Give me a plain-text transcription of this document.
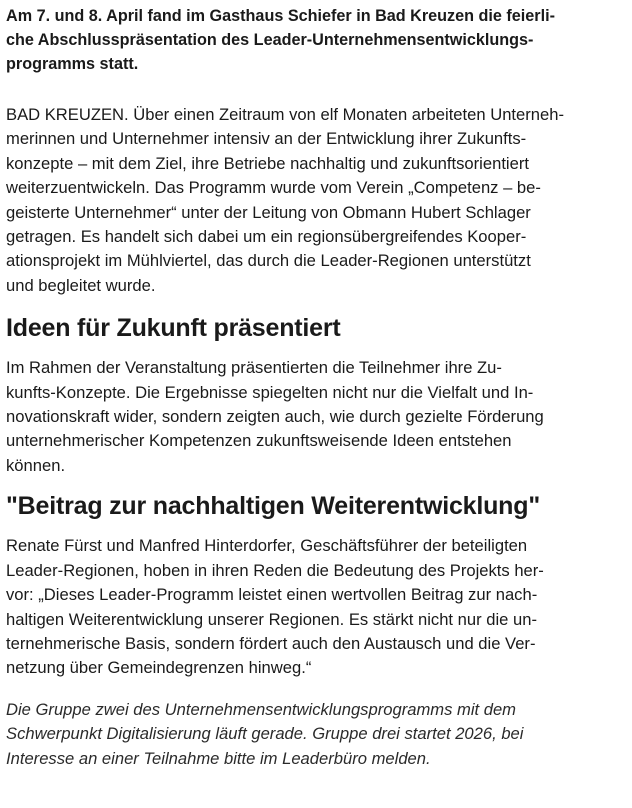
Am 7. und 8. April fand im Gasthaus Schiefer in Bad Kreuzen die feierli-
che Abschlusspräsentation des Leader-Unternehmensentwicklungs-
programms statt.

BAD KREUZEN. Über einen Zeitraum von elf Monaten arbeiteten Unterneh-
merinnen und Unternehmer intensiv an der Entwicklung ihrer Zukunfts-
konzepte – mit dem Ziel, ihre Betriebe nachhaltig und zukunftsorientiert
weiterzuentwickeln. Das Programm wurde vom Verein „Competenz – be-
geisterte Unternehmer“ unter der Leitung von Obmann Hubert Schlager
getragen. Es handelt sich dabei um ein regionsübergreifendes Kooper-
ationsprojekt im Mühlviertel, das durch die Leader-Regionen unterstützt
und begleitet wurde.

Ideen für Zukunft präsentiert

Im Rahmen der Veranstaltung präsentierten die Teilnehmer ihre Zu-
kunfts-Konzepte. Die Ergebnisse spiegelten nicht nur die Vielfalt und In-
novationskraft wider, sondern zeigten auch, wie durch gezielte Förderung
unternehmerischer Kompetenzen zukunftsweisende Ideen entstehen
können.

"Beitrag zur nachhaltigen Weiterentwicklung"

Renate Fürst und Manfred Hinterdorfer, Geschäftsführer der beteiligten
Leader-Regionen, hoben in ihren Reden die Bedeutung des Projekts her-
vor: „Dieses Leader-Programm leistet einen wertvollen Beitrag zur nach-
haltigen Weiterentwicklung unserer Regionen. Es stärkt nicht nur die un-
ternehmerische Basis, sondern fördert auch den Austausch und die Ver-
netzung über Gemeindegrenzen hinweg.“

Die Gruppe zwei des Unternehmensentwicklungsprogramms mit dem
Schwerpunkt Digitalisierung läuft gerade. Gruppe drei startet 2026, bei
Interesse an einer Teilnahme bitte im Leaderbüro melden.
